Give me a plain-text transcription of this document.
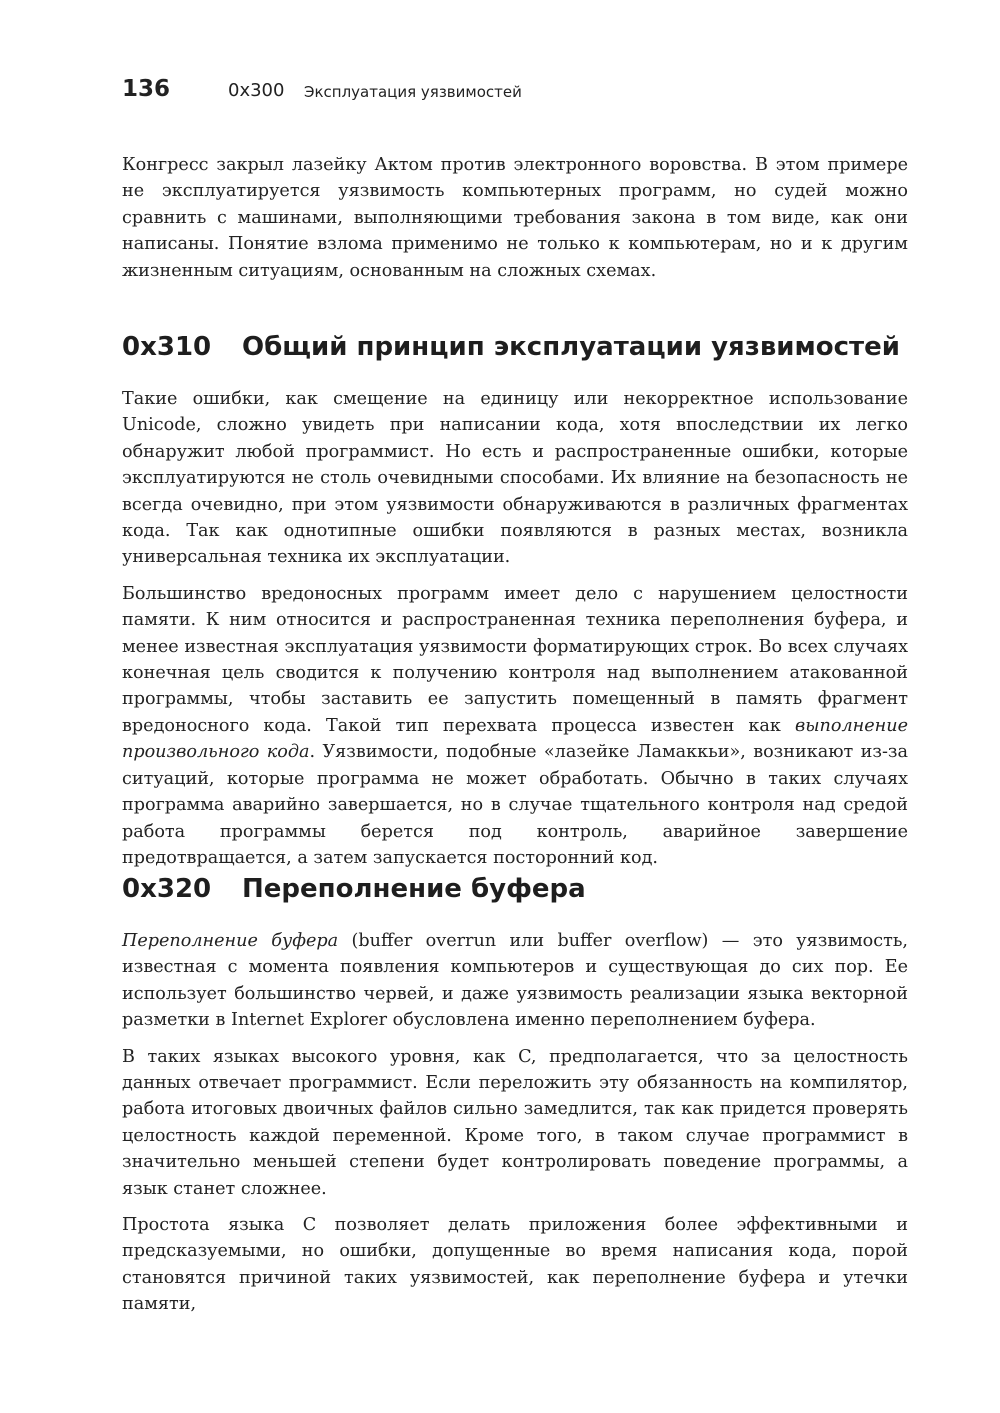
136	0x300 Эксплуатация уязвимостей

Конгресс закрыл лазейку Актом против электронного воровства. В этом примере не эксплуатируется уязвимость компьютерных программ, но судей можно сравнить с машинами, выполняющими требования закона в том виде, как они написаны. Понятие взлома применимо не только к компьютерам, но и к другим жизненным ситуациям, основанным на сложных схемах.

0x310 Общий принцип эксплуатации уязвимостей

Такие ошибки, как смещение на единицу или некорректное использование Unicode, сложно увидеть при написании кода, хотя впоследствии их легко обнаружит любой программист. Но есть и распространенные ошибки, которые эксплуатируются не столь очевидными способами. Их влияние на безопасность не всегда очевидно, при этом уязвимости обнаруживаются в различных фрагментах кода. Так как однотипные ошибки появляются в разных местах, возникла универсальная техника их эксплуатации.

Большинство вредоносных программ имеет дело с нарушением целостности памяти. К ним относится и распространенная техника переполнения буфера, и менее известная эксплуатация уязвимости форматирующих строк. Во всех случаях конечная цель сводится к получению контроля над выполнением атакованной программы, чтобы заставить ее запустить помещенный в память фрагмент вредоносного кода. Такой тип перехвата процесса известен как выполнение произвольного кода. Уязвимости, подобные «лазейке Ламаккьи», возникают из-за ситуаций, которые программа не может обработать. Обычно в таких случаях программа аварийно завершается, но в случае тщательного контроля над средой работа программы берется под контроль, аварийное завершение предотвращается, а затем запускается посторонний код.

0x320 Переполнение буфера

Переполнение буфера (buffer overrun или buffer overflow) — это уязвимость, известная с момента появления компьютеров и существующая до сих пор. Ее использует большинство червей, и даже уязвимость реализации языка векторной разметки в Internet Explorer обусловлена именно переполнением буфера.

В таких языках высокого уровня, как C, предполагается, что за целостность данных отвечает программист. Если переложить эту обязанность на компилятор, работа итоговых двоичных файлов сильно замедлится, так как придется проверять целостность каждой переменной. Кроме того, в таком случае программист в значительно меньшей степени будет контролировать поведение программы, а язык станет сложнее.

Простота языка C позволяет делать приложения более эффективными и предсказуемыми, но ошибки, допущенные во время написания кода, порой становятся причиной таких уязвимостей, как переполнение буфера и утечки памяти,
